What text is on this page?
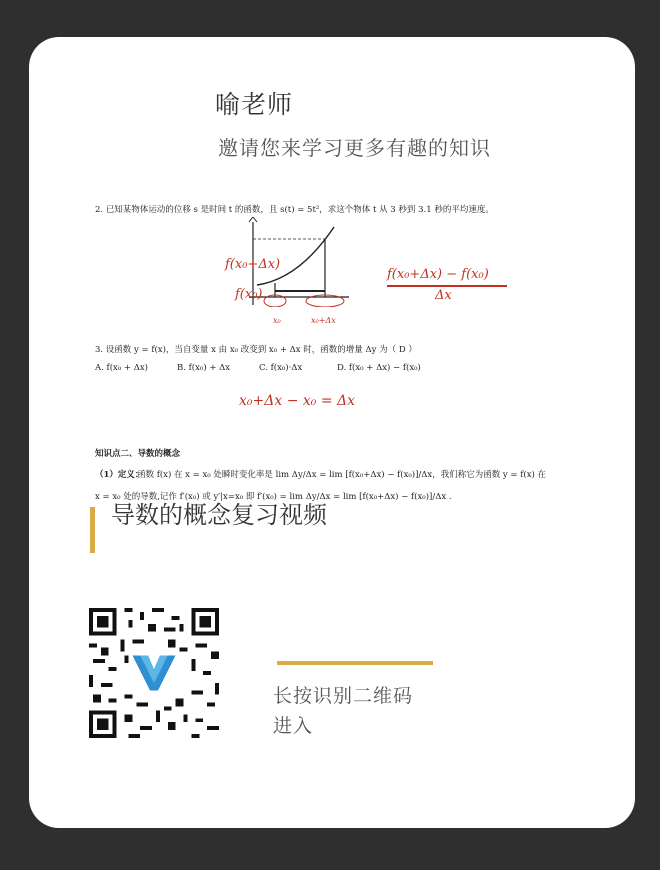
喻老师
邀请您来学习更多有趣的知识
2. 已知某物体运动的位移 s 是时间 t 的函数，且 s(t) = 5t²，求这个物体 t 从 3 秒到 3.1 秒的平均速度。
f(x₀+Δx)
f(x₀)
x₀	x₀+Δx
f(x₀+Δx) − f(x₀)
Δx
3. 设函数 y = f(x)，当自变量 x 由 x₀ 改变到 x₀ + Δx 时，函数的增量 Δy 为（ D ）
A. f(x₀ + Δx)	B. f(x₀) + Δx	C. f(x₀)·Δx	D. f(x₀ + Δx) − f(x₀)
x₀+Δx − x₀ = Δx
知识点二、导数的概念
（1）定义：
函数 f(x) 在 x = x₀ 处瞬时变化率是 lim Δy/Δx = lim [f(x₀+Δx) − f(x₀)]/Δx，我们称它为函数 y = f(x) 在
x = x₀ 处的导数,记作 f′(x₀) 或 y′|x=x₀ 即 f′(x₀) = lim Δy/Δx = lim [f(x₀+Δx) − f(x₀)]/Δx .
导数的概念复习视频
长按识别二维码
进入
